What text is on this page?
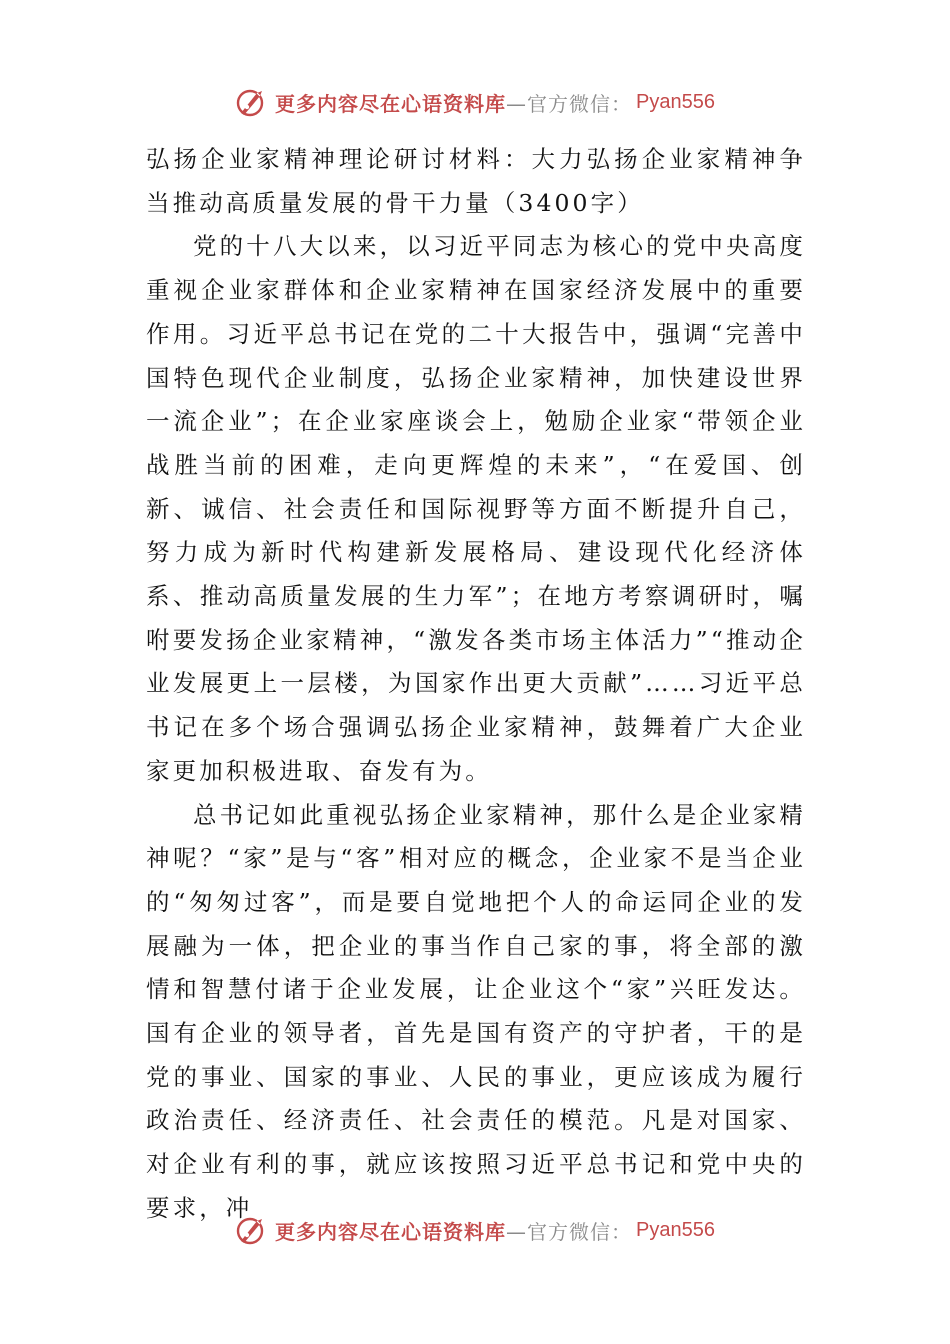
更多内容尽在心语资料库 —官方微信： Pyan556

弘扬企业家精神理论研讨材料：大力弘扬企业家精神争当推动高质量发展的骨干力量（3400字）

党的十八大以来，以习近平同志为核心的党中央高度重视企业家群体和企业家精神在国家经济发展中的重要作用。习近平总书记在党的二十大报告中，强调“完善中国特色现代企业制度，弘扬企业家精神，加快建设世界一流企业”；在企业家座谈会上，勉励企业家“带领企业战胜当前的困难，走向更辉煌的未来”，“在爱国、创新、诚信、社会责任和国际视野等方面不断提升自己，努力成为新时代构建新发展格局、建设现代化经济体系、推动高质量发展的生力军”；在地方考察调研时，嘱咐要发扬企业家精神，“激发各类市场主体活力”“推动企业发展更上一层楼，为国家作出更大贡献”……习近平总书记在多个场合强调弘扬企业家精神，鼓舞着广大企业家更加积极进取、奋发有为。

总书记如此重视弘扬企业家精神，那什么是企业家精神呢？“家”是与“客”相对应的概念，企业家不是当企业的“匆匆过客”，而是要自觉地把个人的命运同企业的发展融为一体，把企业的事当作自己家的事，将全部的激情和智慧付诸于企业发展，让企业这个“家”兴旺发达。国有企业的领导者，首先是国有资产的守护者，干的是党的事业、国家的事业、人民的事业，更应该成为履行政治责任、经济责任、社会责任的模范。凡是对国家、对企业有利的事，就应该按照习近平总书记和党中央的要求，冲

更多内容尽在心语资料库 —官方微信： Pyan556
